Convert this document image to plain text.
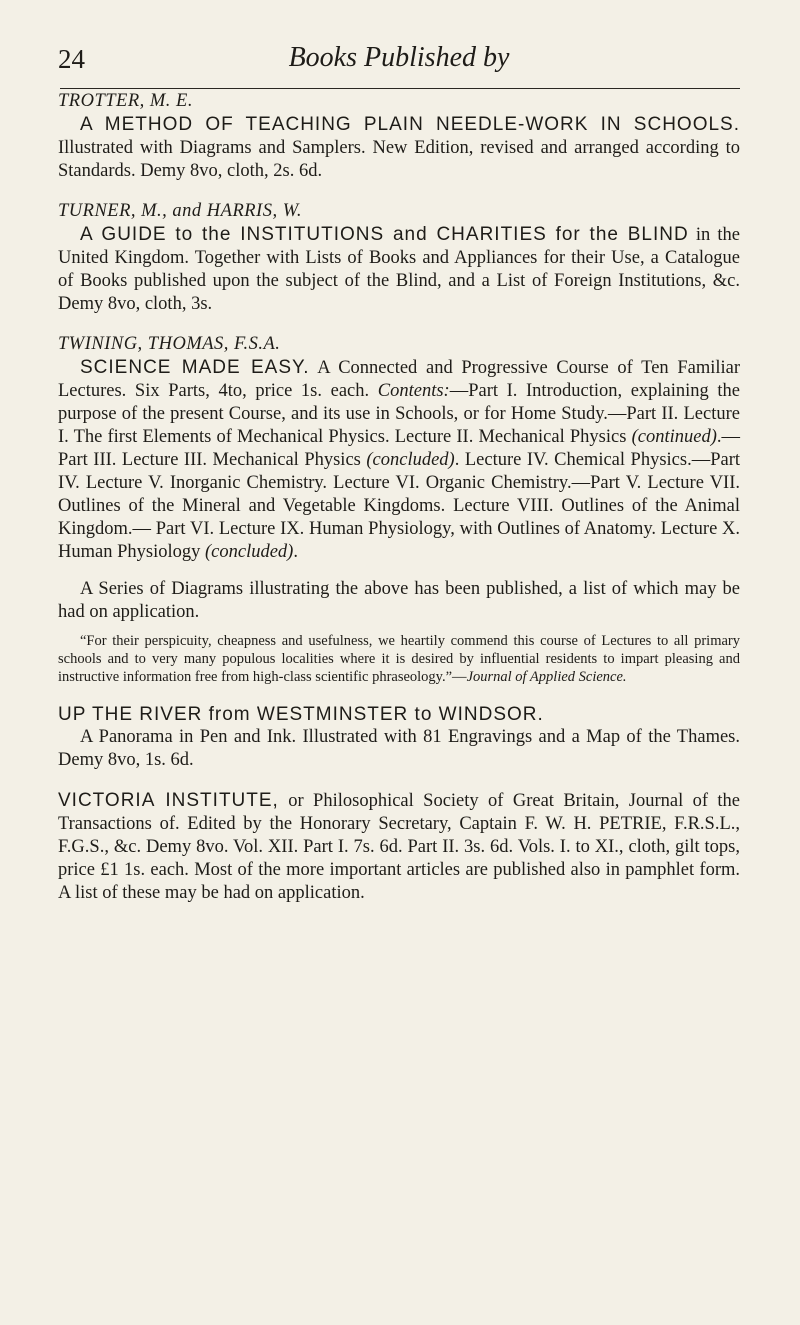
24	Books Published by

TROTTER, M. E.

A METHOD OF TEACHING PLAIN NEEDLE-WORK IN SCHOOLS. Illustrated with Diagrams and Samplers. New Edition, revised and arranged according to Standards. Demy 8vo, cloth, 2s. 6d.

TURNER, M., and HARRIS, W.

A GUIDE to the INSTITUTIONS and CHARITIES for the BLIND in the United Kingdom. Together with Lists of Books and Appliances for their Use, a Catalogue of Books published upon the subject of the Blind, and a List of Foreign Institutions, &c. Demy 8vo, cloth, 3s.

TWINING, THOMAS, F.S.A.

SCIENCE MADE EASY. A Connected and Progressive Course of Ten Familiar Lectures. Six Parts, 4to, price 1s. each. Contents:—Part I. Introduction, explaining the purpose of the present Course, and its use in Schools, or for Home Study.—Part II. Lecture I. The first Elements of Mechanical Physics. Lecture II. Mechanical Physics (continued).— Part III. Lecture III. Mechanical Physics (concluded). Lecture IV. Chemical Physics.—Part IV. Lecture V. Inorganic Chemistry. Lecture VI. Organic Chemistry.—Part V. Lecture VII. Outlines of the Mineral and Vegetable Kingdoms. Lecture VIII. Outlines of the Animal Kingdom.— Part VI. Lecture IX. Human Physiology, with Outlines of Anatomy. Lecture X. Human Physiology (concluded).

A Series of Diagrams illustrating the above has been published, a list of which may be had on application.

“For their perspicuity, cheapness and usefulness, we heartily commend this course of Lectures to all primary schools and to very many populous localities where it is desired by influential residents to impart pleasing and instructive information free from high-class scientific phraseology.”—Journal of Applied Science.

UP THE RIVER from WESTMINSTER to WINDSOR.

A Panorama in Pen and Ink. Illustrated with 81 Engravings and a Map of the Thames. Demy 8vo, 1s. 6d.

VICTORIA INSTITUTE, or Philosophical Society of Great Britain, Journal of the Transactions of. Edited by the Honorary Secretary, Captain F. W. H. PETRIE, F.R.S.L., F.G.S., &c. Demy 8vo. Vol. XII. Part I. 7s. 6d. Part II. 3s. 6d. Vols. I. to XI., cloth, gilt tops, price £1 1s. each. Most of the more important articles are published also in pamphlet form. A list of these may be had on application.
